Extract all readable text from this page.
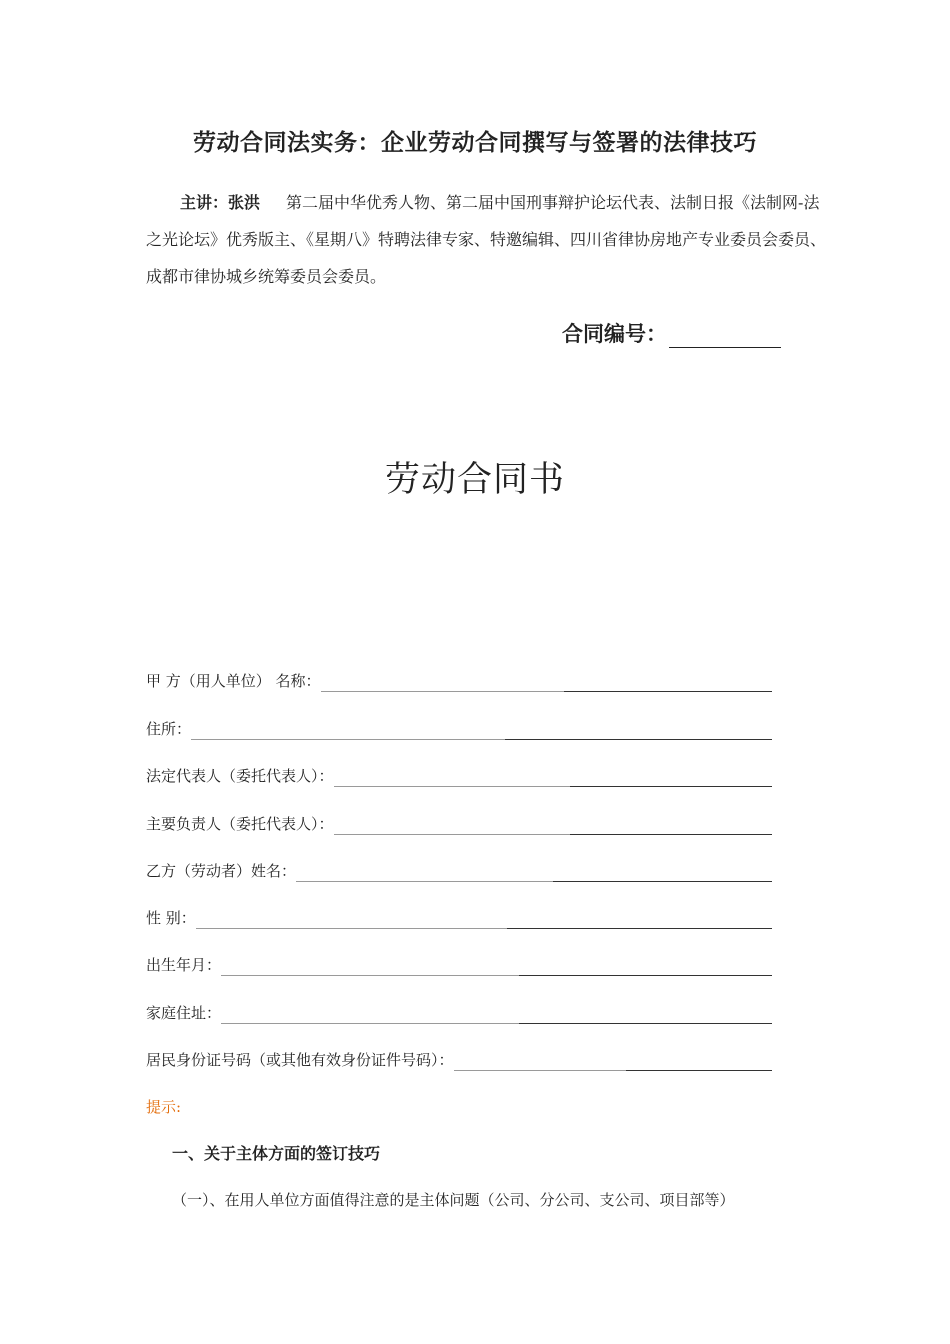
劳动合同法实务：企业劳动合同撰写与签署的法律技巧

主讲：张洪 第二届中华优秀人物、第二届中国刑事辩护论坛代表、法制日报《法制网-法之光论坛》优秀版主、《星期八》特聘法律专家、特邀编辑、四川省律协房地产专业委员会委员、成都市律协城乡统筹委员会委员。

合同编号：
劳动合同书
甲 方（用人单位） 名称：
住所：
法定代表人（委托代表人）：
主要负责人（委托代表人）：
乙方（劳动者）姓名：
性 别：
出生年月：
家庭住址：
居民身份证号码（或其他有效身份证件号码）：
提示:
一、关于主体方面的签订技巧
（一）、在用人单位方面值得注意的是主体问题（公司、分公司、支公司、项目部等）
